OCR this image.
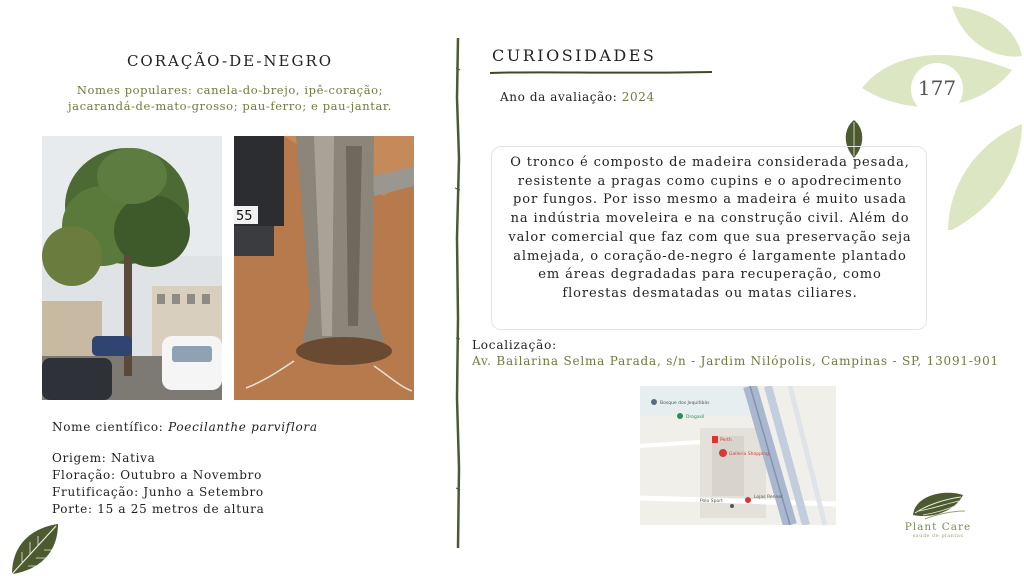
CORAÇÃO-DE-NEGRO
Nomes populares: canela-do-brejo, ipê-coração;
jacarandá-de-mato-grosso; pau-ferro; e pau-jantar.
55
Nome científico: Poecilanthe parviflora
Origem: Nativa
Floração: Outubro a Novembro
Frutificação: Junho a Setembro
Porte: 15 a 25 metros de altura
CURIOSIDADES
Ano da avaliação: 2024	177
O tronco é composto de madeira considerada pesada, resistente a pragas como cupins e o apodrecimento por fungos. Por isso mesmo a madeira é muito usada na indústria moveleira e na construção civil. Além do valor comercial que faz com que sua preservação seja almejada, o coração-de-negro é largamente plantado em áreas degradadas para recuperação, como florestas desmatadas ou matas ciliares.
Localização:
Av. Bailarina Selma Parada, s/n - Jardim Nilópolis, Campinas - SP, 13091-901
Bosque dos Jequitibás
Drogasil
Perth
Galleria Shopping
Lojas Renner
Polo Sport
Plant Care
saúde de plantas
